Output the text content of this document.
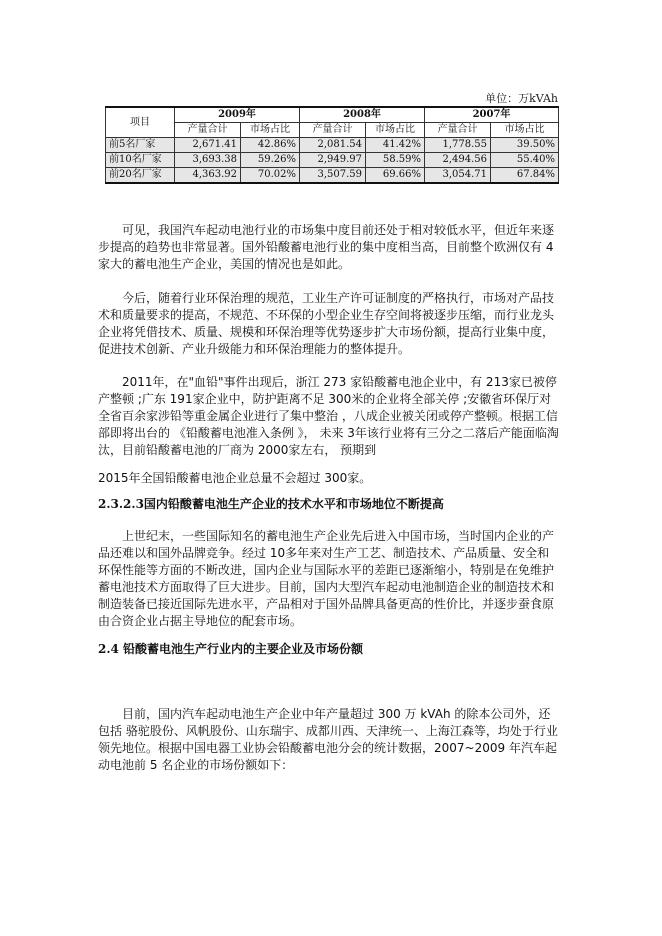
单位：万kVAh
项目	2009年		2008年		2007年	
	产量合计	市场占比	产量合计	市场占比	产量合计	市场占比
前5名厂家	2,671.41	42.86%	2,081.54	41.42%	1,778.55	39.50%
前10名厂家	3,693.38	59.26%	2,949.97	58.59%	2,494.56	55.40%
前20名厂家	4,363.92	70.02%	3,507.59	69.66%	3,054.71	67.84%

　　可见，我国汽车起动电池行业的市场集中度目前还处于相对较低水平，但近年来逐步提高的趋势也非常显著。国外铅酸蓄电池行业的集中度相当高，目前整个欧洲仅有 4 家大的蓄电池生产企业，美国的情况也是如此。

　　今后，随着行业环保治理的规范，工业生产许可证制度的严格执行，市场对产品技术和质量要求的提高，不规范、不环保的小型企业生存空间将被逐步压缩，而行业龙头企业将凭借技术、质量、规模和环保治理等优势逐步扩大市场份额，提高行业集中度，促进技术创新、产业升级能力和环保治理能力的整体提升。

　　2011年，在"血铅"事件出现后，浙江 273 家铅酸蓄电池企业中，有 213家已被停产整顿 ;广东 191家企业中，防护距离不足 300米的企业将全部关停 ;安徽省环保厅对全省百余家涉铅等重金属企业进行了集中整治 ，八成企业被关闭或停产整顿。根据工信部即将出台的 《铅酸蓄电池准入条例 》， 未来 3年该行业将有三分之二落后产能面临淘汰，目前铅酸蓄电池的厂商为 2000家左右， 预期到

2015年全国铅酸蓄电池企业总量不会超过 300家。

2.3.2.3国内铅酸蓄电池生产企业的技术水平和市场地位不断提高

　　上世纪末，一些国际知名的蓄电池生产企业先后进入中国市场，当时国内企业的产品还难以和国外品牌竞争。经过 10多年来对生产工艺、制造技术、产品质量、安全和环保性能等方面的不断改进，国内企业与国际水平的差距已逐渐缩小，特别是在免维护蓄电池技术方面取得了巨大进步。目前，国内大型汽车起动电池制造企业的制造技术和制造装备已接近国际先进水平，产品相对于国外品牌具备更高的性价比，并逐步蚕食原由合资企业占据主导地位的配套市场。

2.4 铅酸蓄电池生产行业内的主要企业及市场份额

　　目前，国内汽车起动电池生产企业中年产量超过 300 万 kVAh 的除本公司外，还包括 骆驼股份、风帆股份、山东瑞宇、成都川西、天津统一、上海江森等，均处于行业领先地位。根据中国电器工业协会铅酸蓄电池分会的统计数据，2007~2009 年汽车起动电池前 5 名企业的市场份额如下：
